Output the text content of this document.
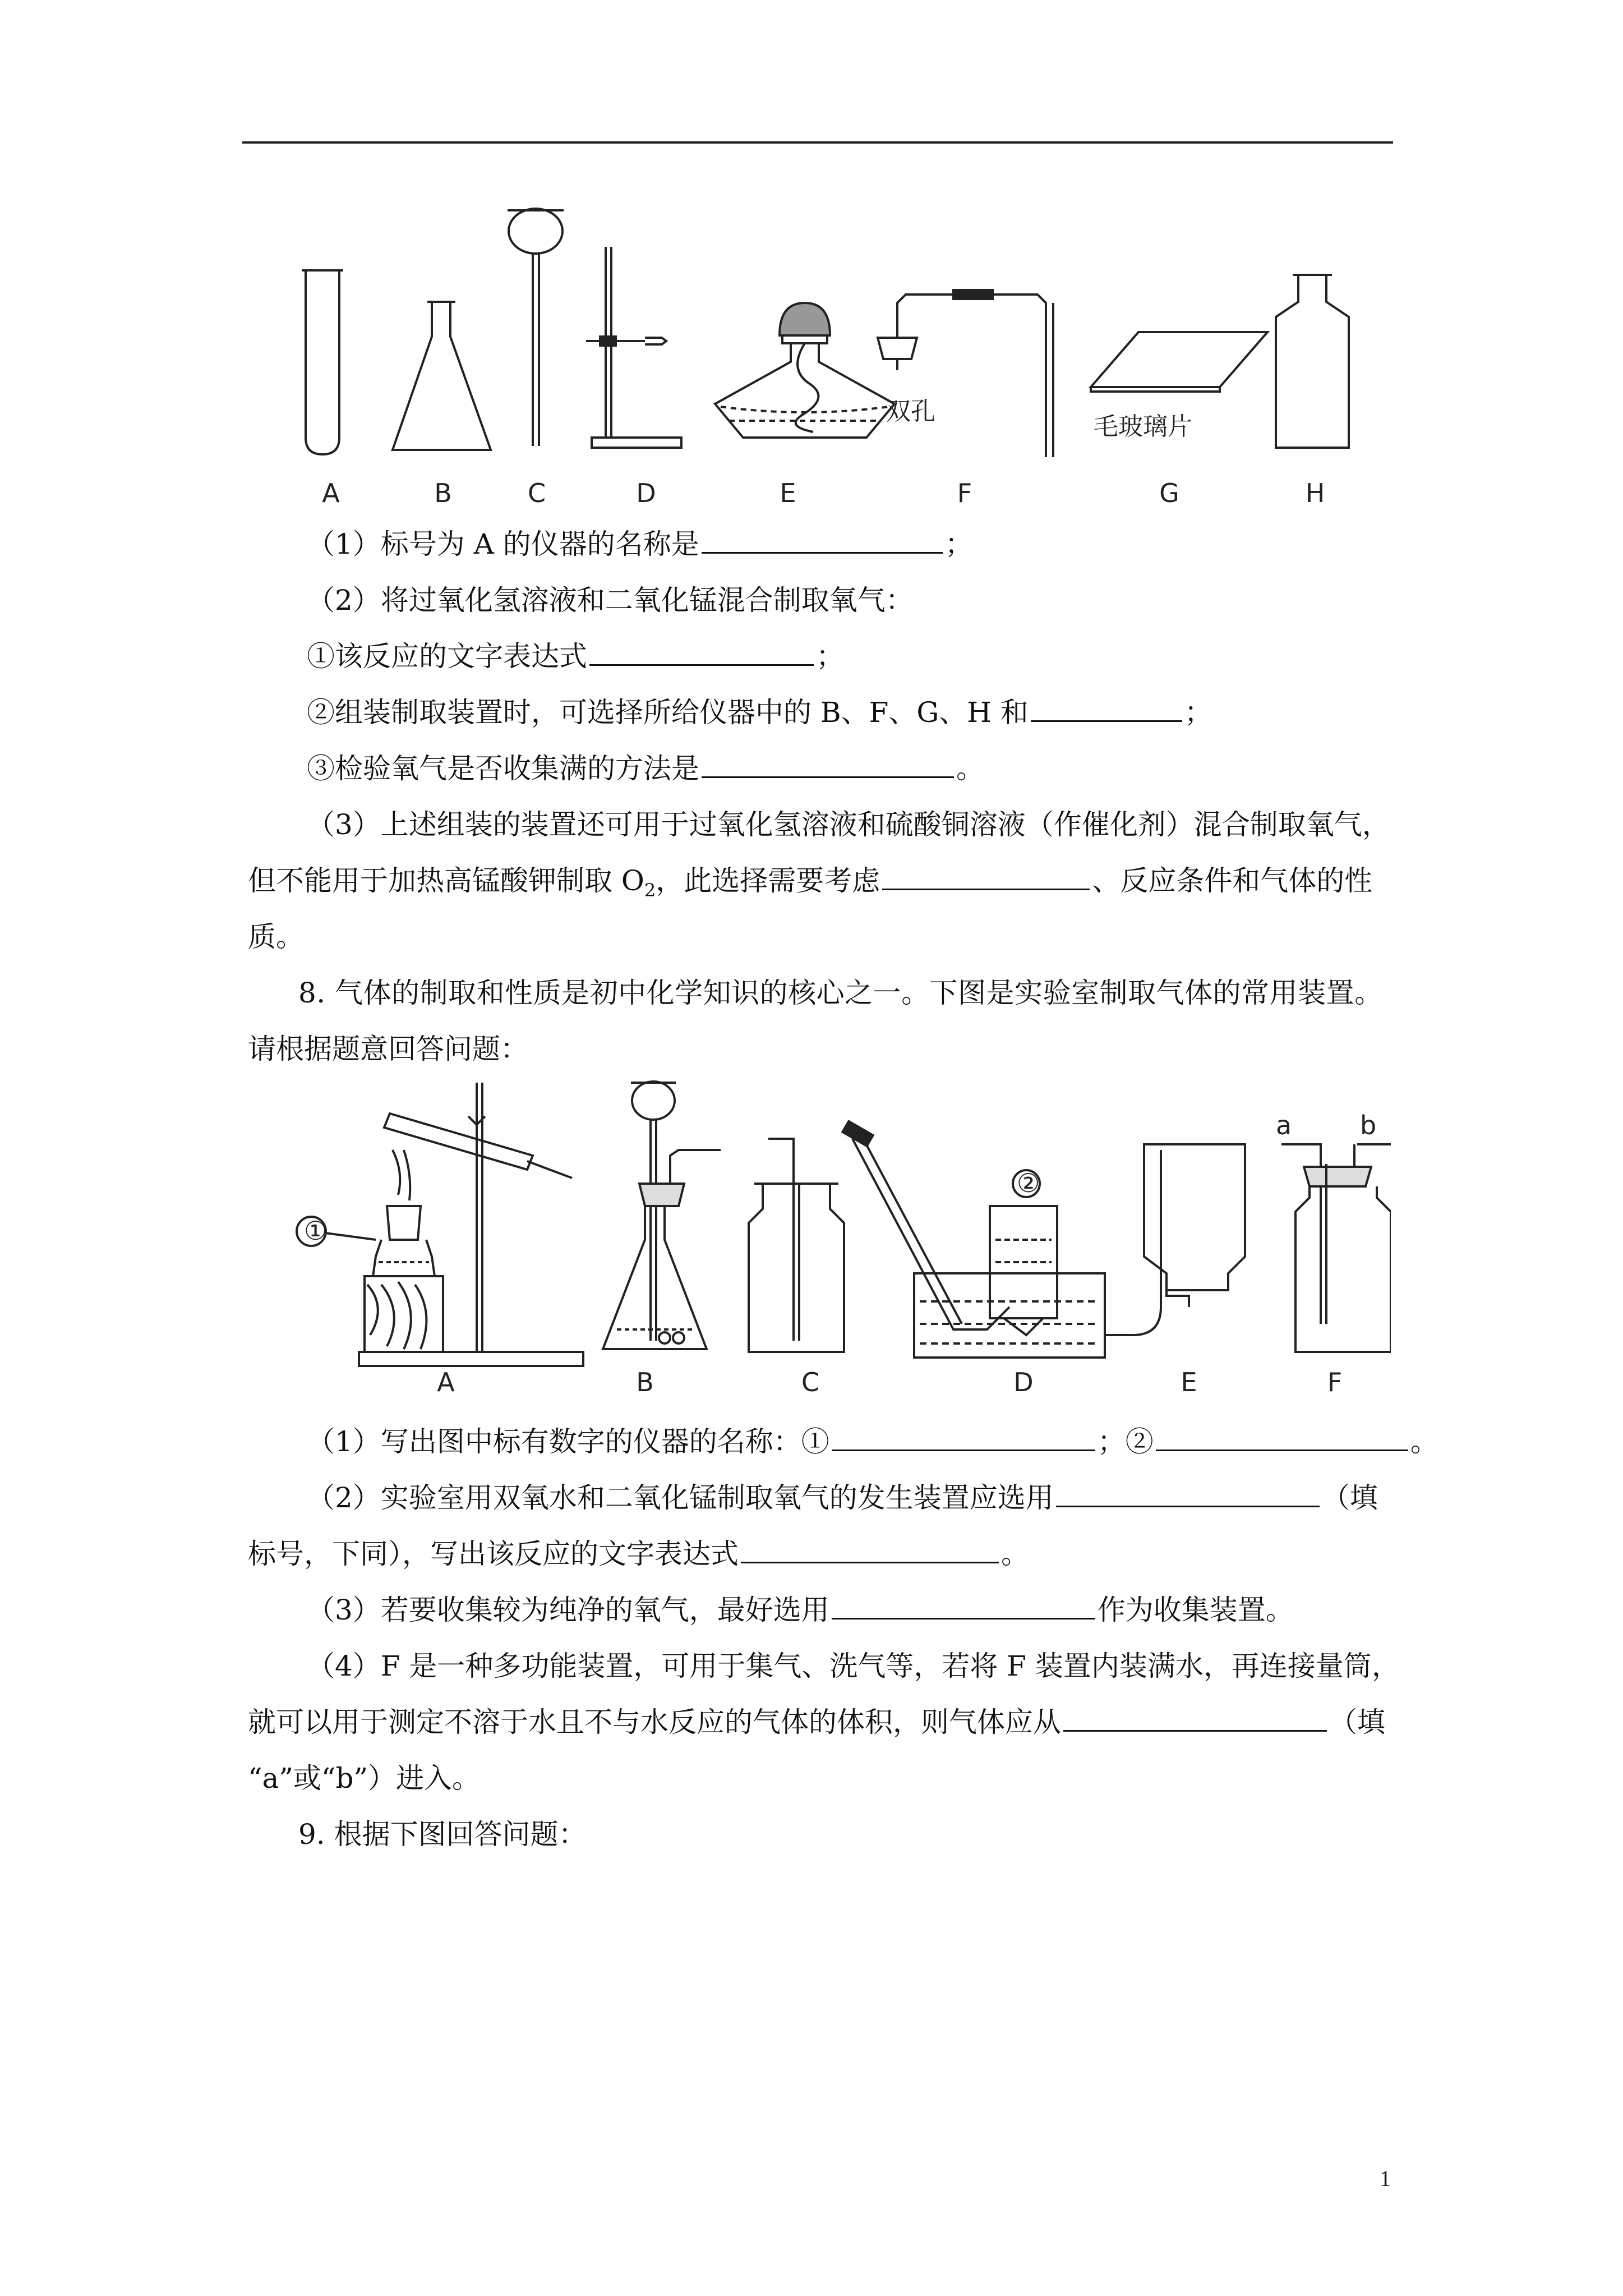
双孔
毛玻璃片
A	B	C	D	E	F	G	H
（1）标号为 A 的仪器的名称是	；
（2）将过氧化氢溶液和二氧化锰混合制取氧气：
①该反应的文字表达式	；
②组装制取装置时，可选择所给仪器中的 B、F、G、H 和	；
③检验氧气是否收集满的方法是	。
（3）上述组装的装置还可用于过氧化氢溶液和硫酸铜溶液（作催化剂）混合制取氧气，
但不能用于加热高锰酸钾制取 $O_2$，此选择需要考虑	、反应条件和气体的性
质。
8. 气体的制取和性质是初中化学知识的核心之一。下图是实验室制取气体的常用装置。
请根据题意回答问题：
①
②
a	b
A	B	C	D	E	F
（1）写出图中标有数字的仪器的名称：①	；②	。
（2）实验室用双氧水和二氧化锰制取氧气的发生装置应选用	（填
标号，下同），写出该反应的文字表达式	。
（3）若要收集较为纯净的氧气，最好选用	作为收集装置。
（4）F 是一种多功能装置，可用于集气、洗气等，若将 F 装置内装满水，再连接量筒，
就可以用于测定不溶于水且不与水反应的气体的体积，则气体应从	（填
“a”或“b”）进入。
9. 根据下图回答问题：
1
